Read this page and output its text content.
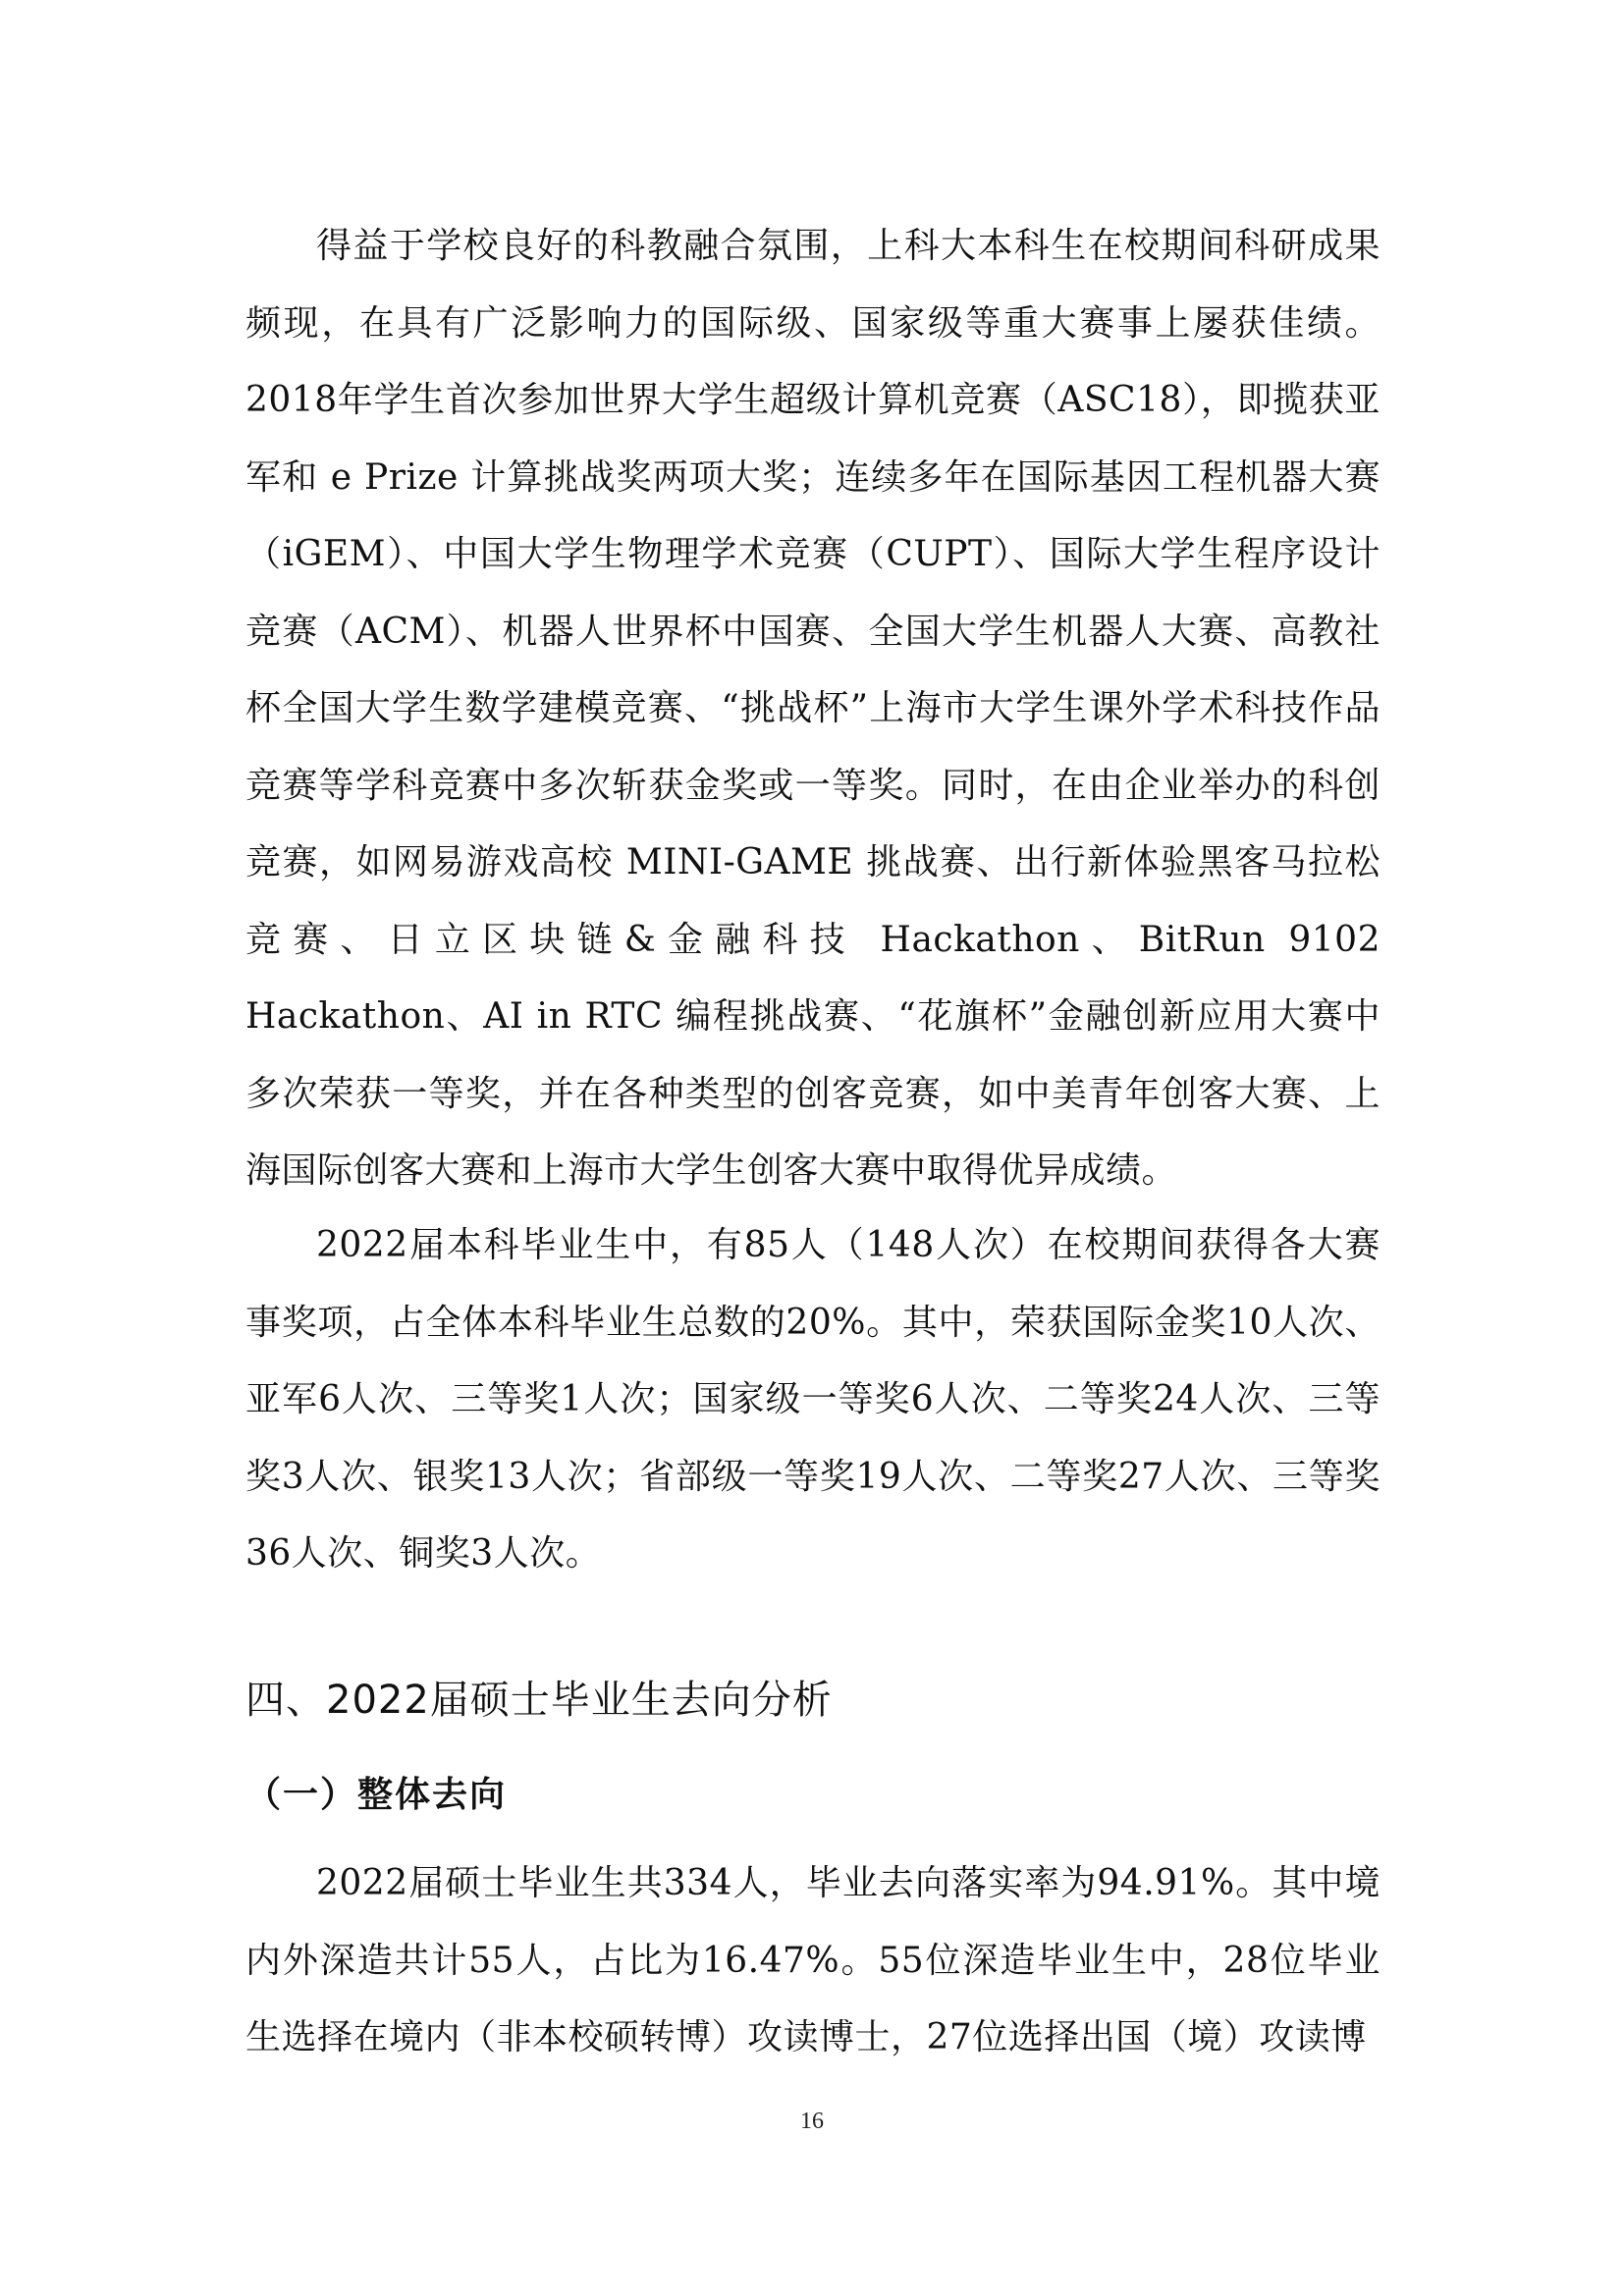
得益于学校良好的科教融合氛围，上科大本科生在校期间科研成果频现，在具有广泛影响力的国际级、国家级等重大赛事上屡获佳绩。2018年学生首次参加世界大学生超级计算机竞赛（ASC18），即揽获亚军和 e Prize 计算挑战奖两项大奖；连续多年在国际基因工程机器大赛（iGEM）、中国大学生物理学术竞赛（CUPT）、国际大学生程序设计竞赛（ACM）、机器人世界杯中国赛、全国大学生机器人大赛、高教社杯全国大学生数学建模竞赛、“挑战杯”上海市大学生课外学术科技作品竞赛等学科竞赛中多次斩获金奖或一等奖。同时，在由企业举办的科创竞赛，如网易游戏高校 MINI-GAME 挑战赛、出行新体验黑客马拉松竞赛、日立区块链&金融科技 Hackathon、BitRun 9102 Hackathon、AI in RTC 编程挑战赛、“花旗杯”金融创新应用大赛中多次荣获一等奖，并在各种类型的创客竞赛，如中美青年创客大赛、上海国际创客大赛和上海市大学生创客大赛中取得优异成绩。

2022届本科毕业生中，有85人（148人次）在校期间获得各大赛事奖项，占全体本科毕业生总数的20%。其中，荣获国际金奖10人次、亚军6人次、三等奖1人次；国家级一等奖6人次、二等奖24人次、三等奖3人次、银奖13人次；省部级一等奖19人次、二等奖27人次、三等奖36人次、铜奖3人次。

四、2022届硕士毕业生去向分析
（一）整体去向

2022届硕士毕业生共334人，毕业去向落实率为94.91%。其中境内外深造共计55人，占比为16.47%。55位深造毕业生中，28位毕业生选择在境内（非本校硕转博）攻读博士，27位选择出国（境）攻读博

16
